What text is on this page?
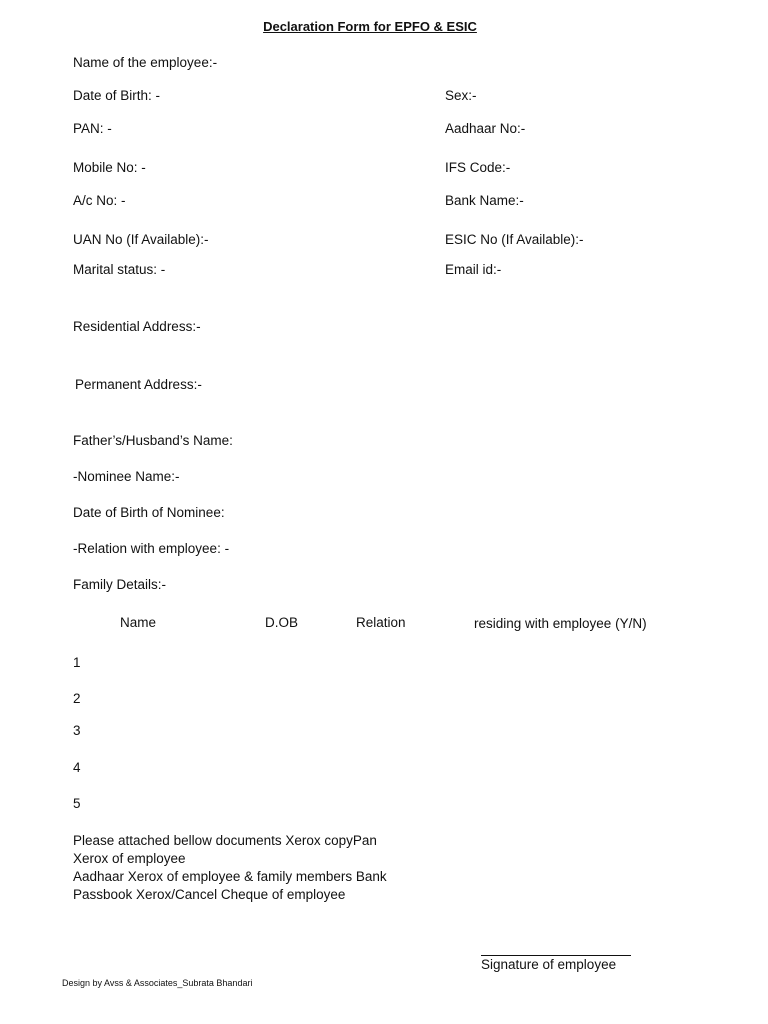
Declaration Form for EPFO & ESIC
Name of the employee:-
Date of Birth: -	Sex:-
PAN: -	Aadhaar No:-
Mobile No: -	IFS Code:-
A/c No: -	Bank Name:-
UAN No (If Available):-	ESIC No (If Available):-
Marital status: -	Email id:-
Residential Address:-
Permanent Address:-
Father’s/Husband’s Name:
-Nominee Name:-
Date of Birth of Nominee:
-Relation with employee: -
Family Details:-
Name	D.OB	Relation	residing with employee (Y/N)
1
2
3
4
5
Please attached bellow documents Xerox copyPan
Xerox of employee
Aadhaar Xerox of employee & family members Bank
Passbook Xerox/Cancel Cheque of employee
Signature of employee
Design by Avss & Associates_Subrata Bhandari
